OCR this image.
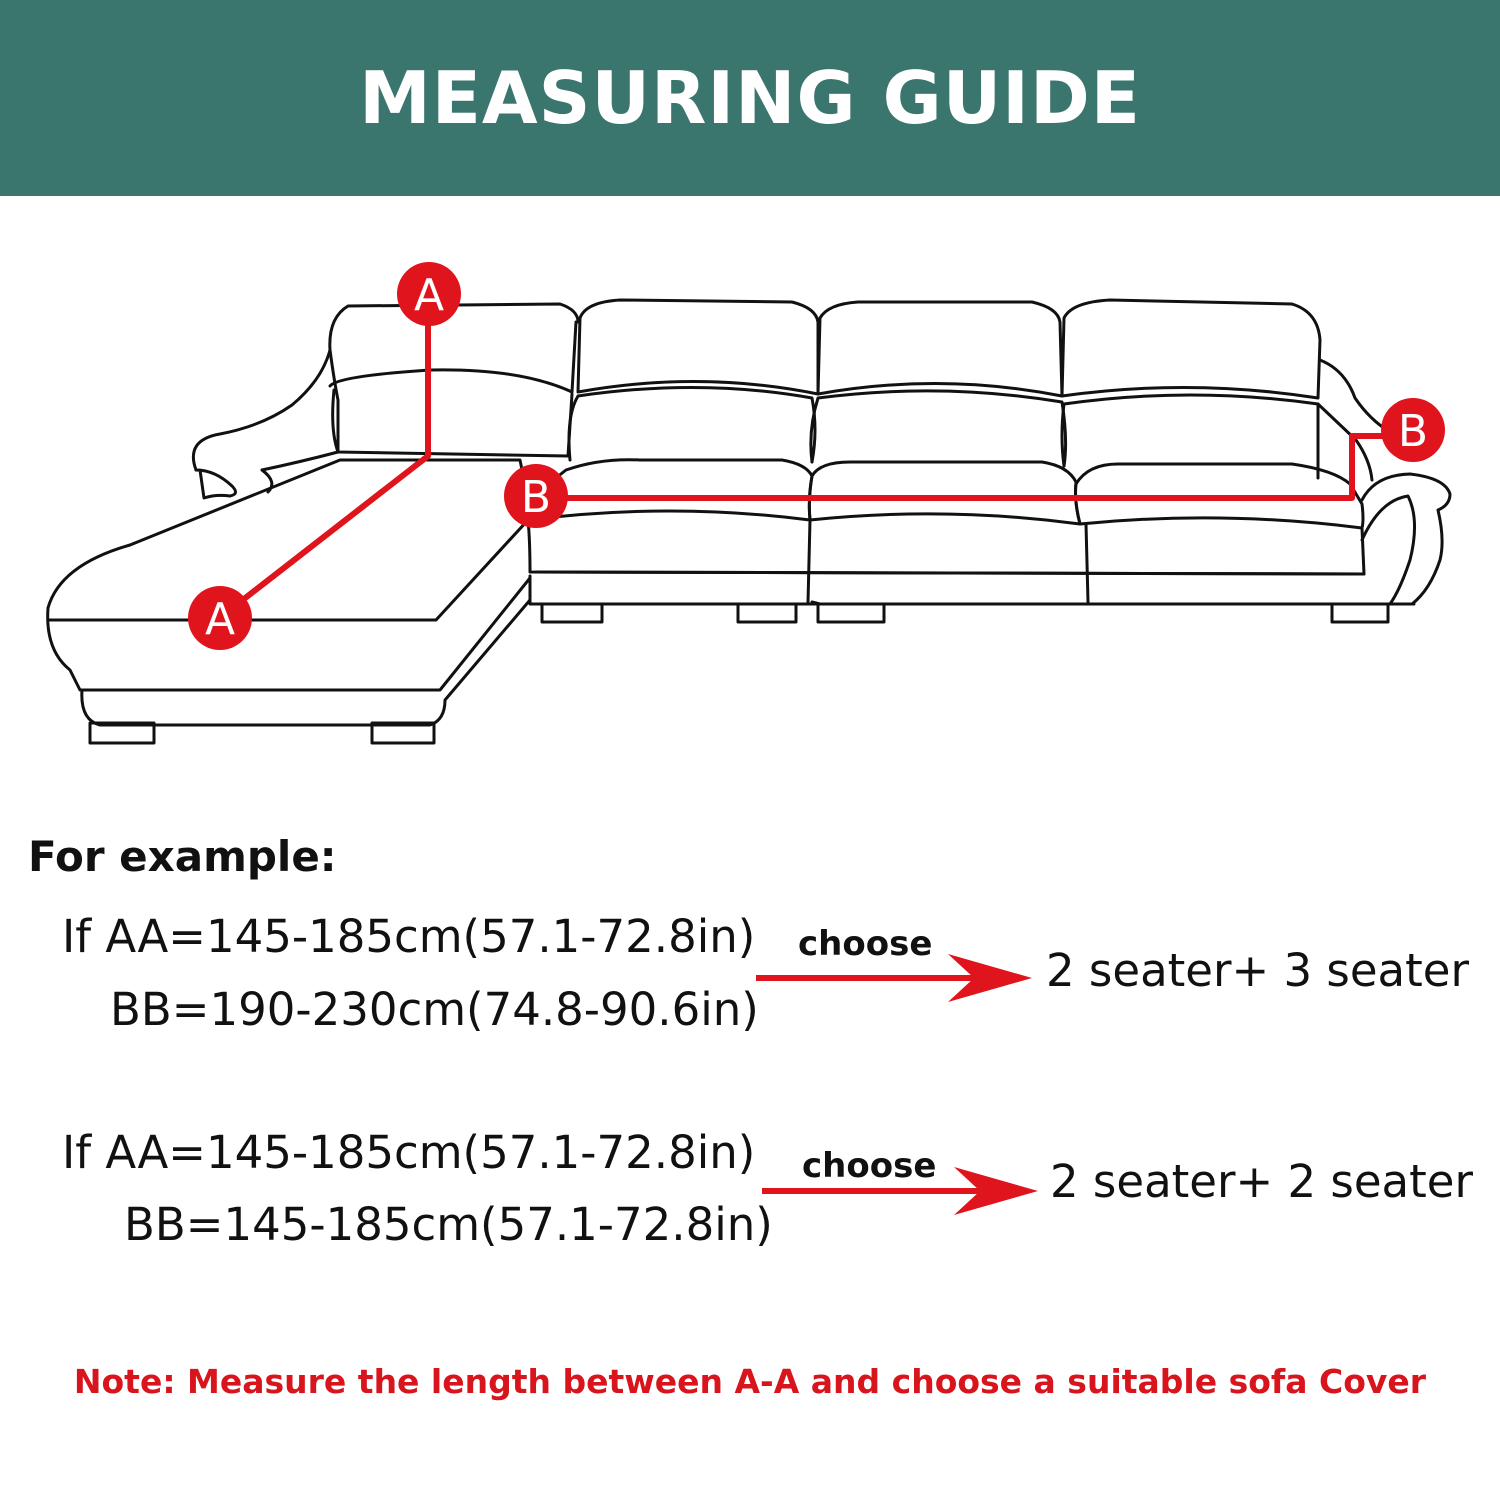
MEASURING GUIDE
A
A
B
B
For example:
If AA=145-185cm(57.1-72.8in)
BB=190-230cm(74.8-90.6in)
choose	2 seater+ 3 seater
If AA=145-185cm(57.1-72.8in)
BB=145-185cm(57.1-72.8in)
choose	2 seater+ 2 seater
Note: Measure the length between A-A and choose a suitable sofa Cover
